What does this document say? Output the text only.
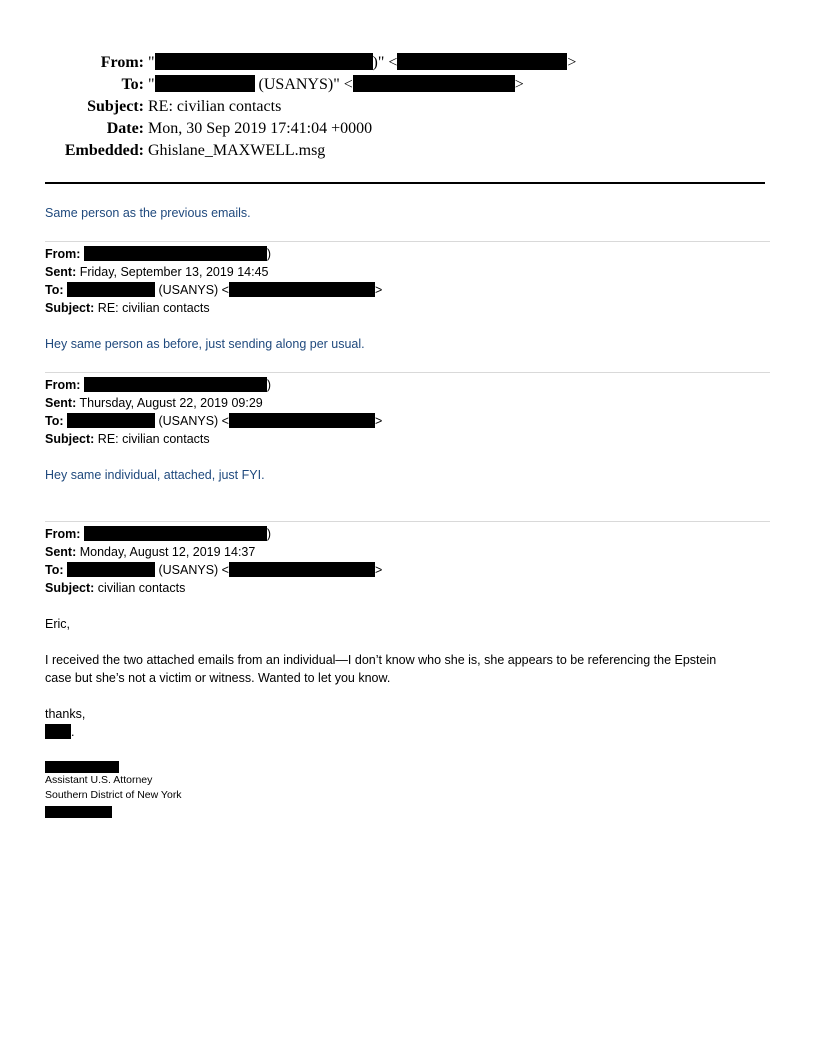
From: "	)" <	>
To: "	(USANYS)" <	>
Subject: RE: civilian contacts
Date: Mon, 30 Sep 2019 17:41:04 +0000
Embedded: Ghislane_MAXWELL.msg
Same person as the previous emails.
From:	)
Sent: Friday, September 13, 2019 14:45
To:	(USANYS) <	>
Subject: RE: civilian contacts
Hey same person as before, just sending along per usual.
From:	)
Sent: Thursday, August 22, 2019 09:29
To:	(USANYS) <	>
Subject: RE: civilian contacts
Hey same individual, attached, just FYI.
From:	)
Sent: Monday, August 12, 2019 14:37
To:	(USANYS) <	>
Subject: civilian contacts
Eric,
I received the two attached emails from an individual—I don’t know who she is, she appears to be referencing the Epstein
case but she’s not a victim or witness. Wanted to let you know.
thanks,
.
Assistant U.S. Attorney
Southern District of New York
